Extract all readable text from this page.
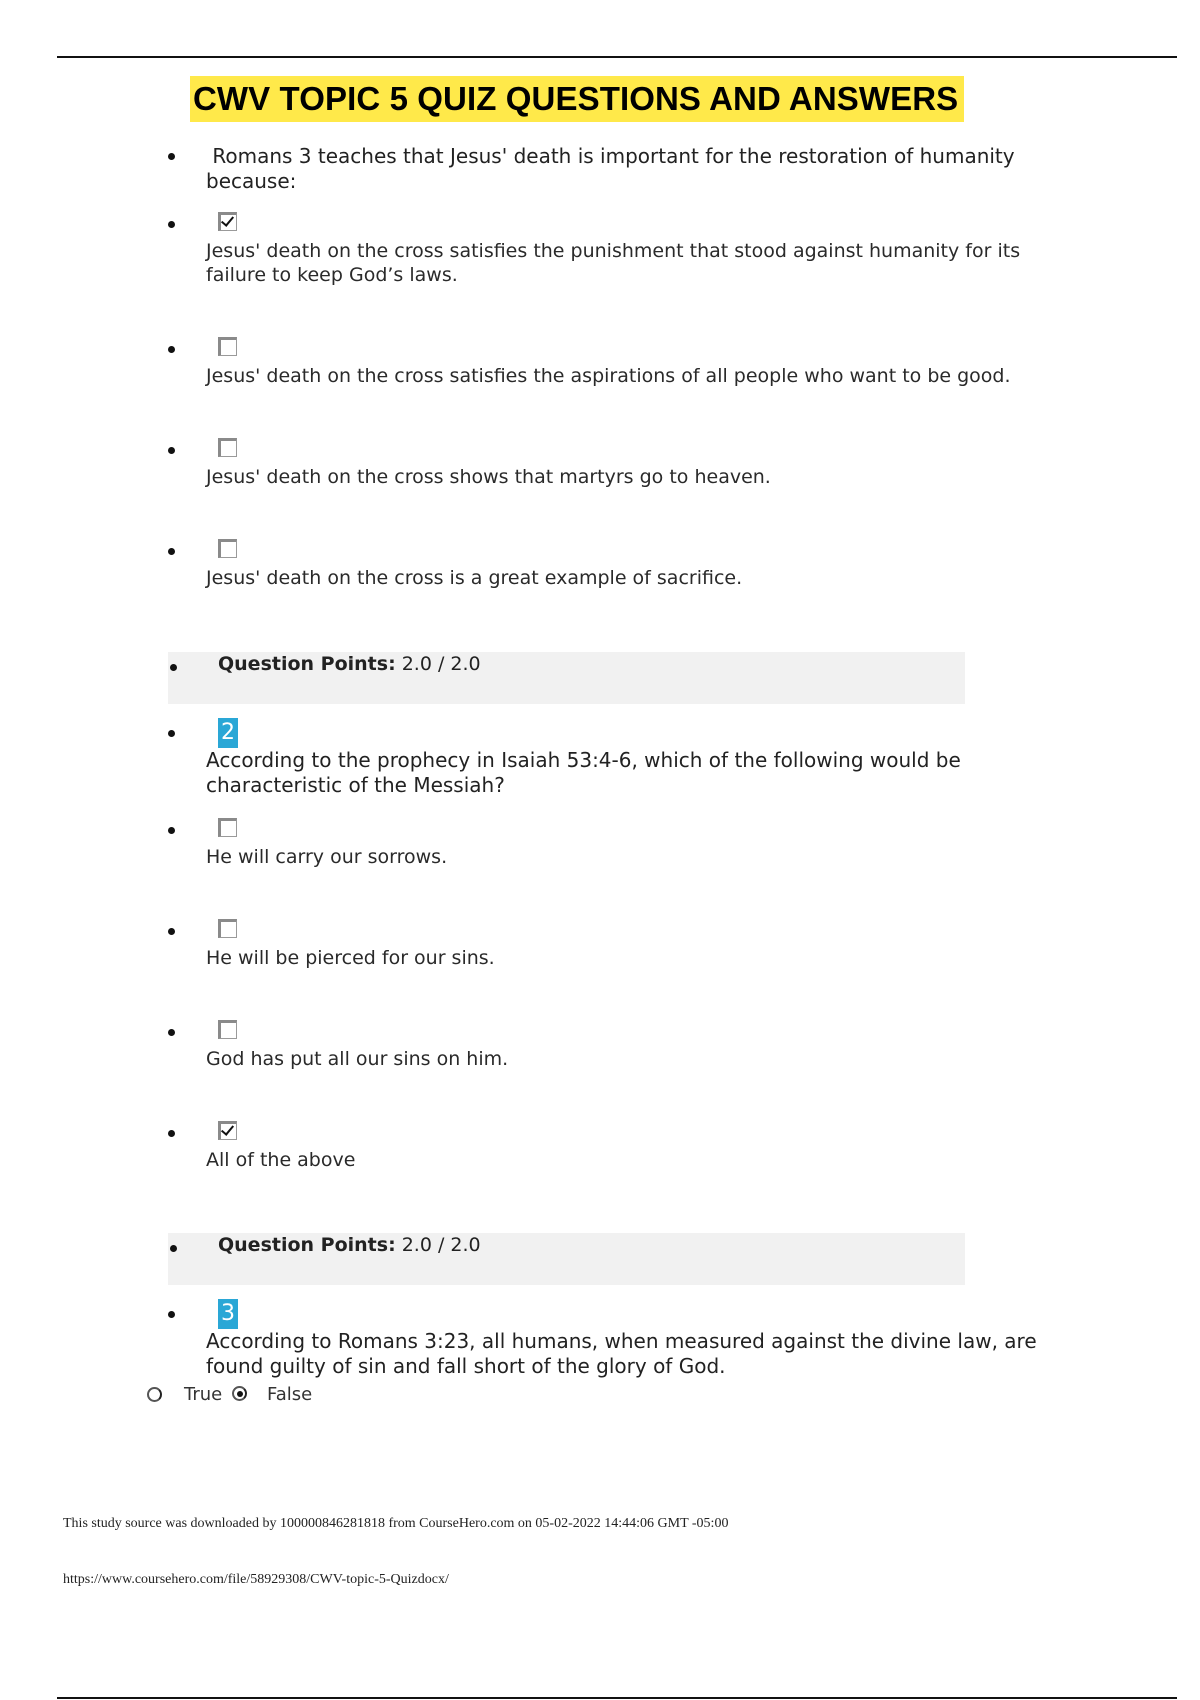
CWV TOPIC 5 QUIZ QUESTIONS AND ANSWERS
Romans 3 teaches that Jesus' death is important for the restoration of humanity because:
Jesus' death on the cross satisfies the punishment that stood against humanity for its failure to keep God’s laws.
Jesus' death on the cross satisfies the aspirations of all people who want to be good.
Jesus' death on the cross shows that martyrs go to heaven.
Jesus' death on the cross is a great example of sacrifice.
Question Points: 2.0 / 2.0
2
According to the prophecy in Isaiah 53:4-6, which of the following would be characteristic of the Messiah?
He will carry our sorrows.
He will be pierced for our sins.
God has put all our sins on him.
All of the above
Question Points: 2.0 / 2.0
3
According to Romans 3:23, all humans, when measured against the divine law, are found guilty of sin and fall short of the glory of God.
True False
This study source was downloaded by 100000846281818 from CourseHero.com on 05-02-2022 14:44:06 GMT -05:00
https://www.coursehero.com/file/58929308/CWV-topic-5-Quizdocx/
